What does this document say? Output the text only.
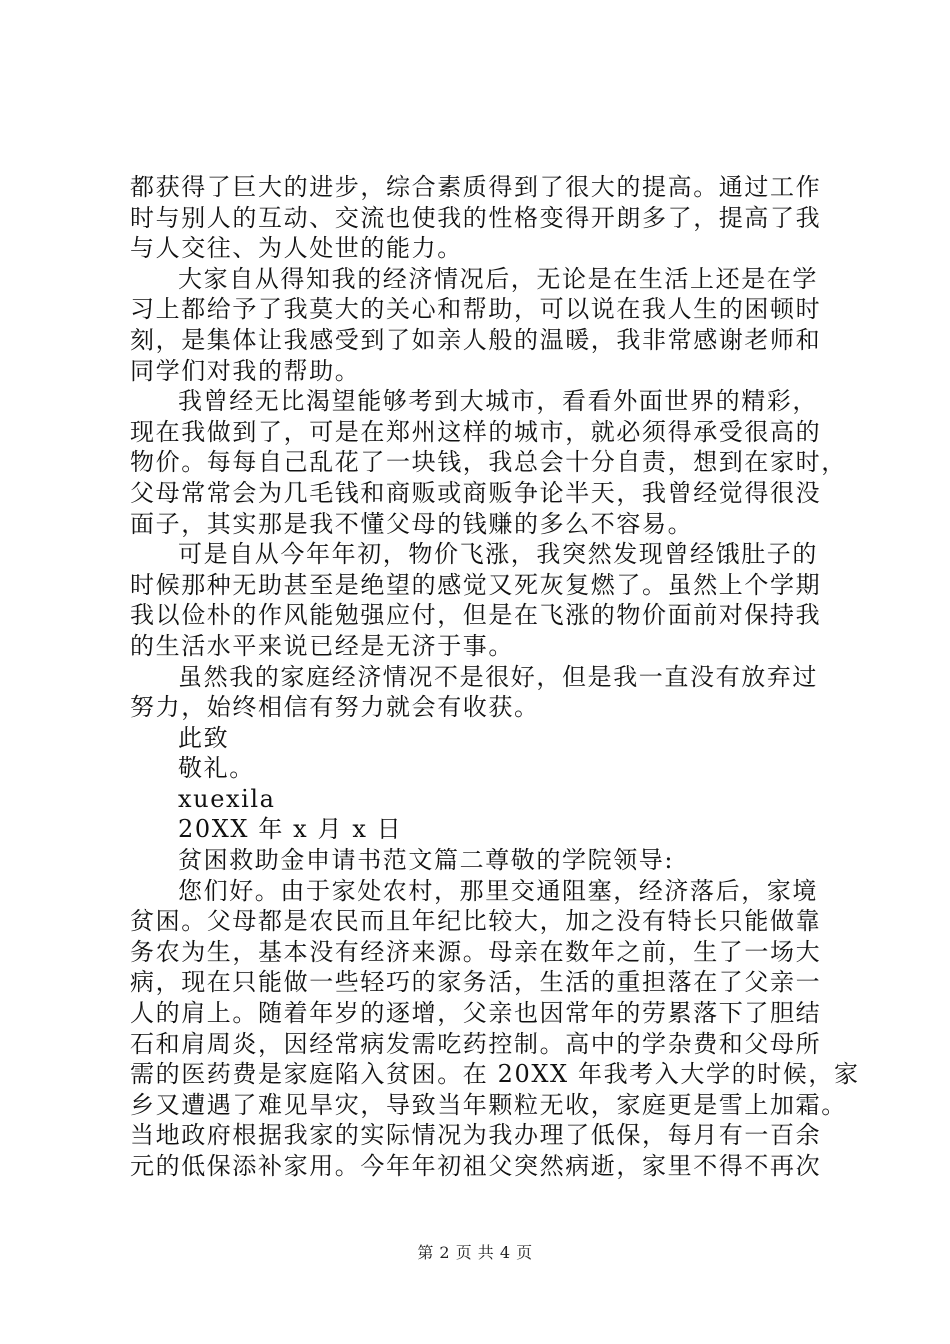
都获得了巨大的进步，综合素质得到了很大的提高。通过工作
时与别人的互动、交流也使我的性格变得开朗多了，提高了我
与人交往、为人处世的能力。
大家自从得知我的经济情况后，无论是在生活上还是在学
习上都给予了我莫大的关心和帮助，可以说在我人生的困顿时
刻，是集体让我感受到了如亲人般的温暖，我非常感谢老师和
同学们对我的帮助。
我曾经无比渴望能够考到大城市，看看外面世界的精彩，
现在我做到了，可是在郑州这样的城市，就必须得承受很高的
物价。每每自己乱花了一块钱，我总会十分自责，想到在家时，
父母常常会为几毛钱和商贩或商贩争论半天，我曾经觉得很没
面子，其实那是我不懂父母的钱赚的多么不容易。
可是自从今年年初，物价飞涨，我突然发现曾经饿肚子的
时候那种无助甚至是绝望的感觉又死灰复燃了。虽然上个学期
我以俭朴的作风能勉强应付，但是在飞涨的物价面前对保持我
的生活水平来说已经是无济于事。
虽然我的家庭经济情况不是很好，但是我一直没有放弃过
努力，始终相信有努力就会有收获。
此致
敬礼。
xuexila
20XX 年 x 月 x 日
贫困救助金申请书范文篇二尊敬的学院领导:
您们好。由于家处农村，那里交通阻塞，经济落后，家境
贫困。父母都是农民而且年纪比较大，加之没有特长只能做靠
务农为生，基本没有经济来源。母亲在数年之前，生了一场大
病，现在只能做一些轻巧的家务活，生活的重担落在了父亲一
人的肩上。随着年岁的逐增，父亲也因常年的劳累落下了胆结
石和肩周炎，因经常病发需吃药控制。高中的学杂费和父母所
需的医药费是家庭陷入贫困。在 20XX 年我考入大学的时候，家
乡又遭遇了难见旱灾，导致当年颗粒无收，家庭更是雪上加霜。
当地政府根据我家的实际情况为我办理了低保，每月有一百余
元的低保添补家用。今年年初祖父突然病逝，家里不得不再次
第 2 页 共 4 页
